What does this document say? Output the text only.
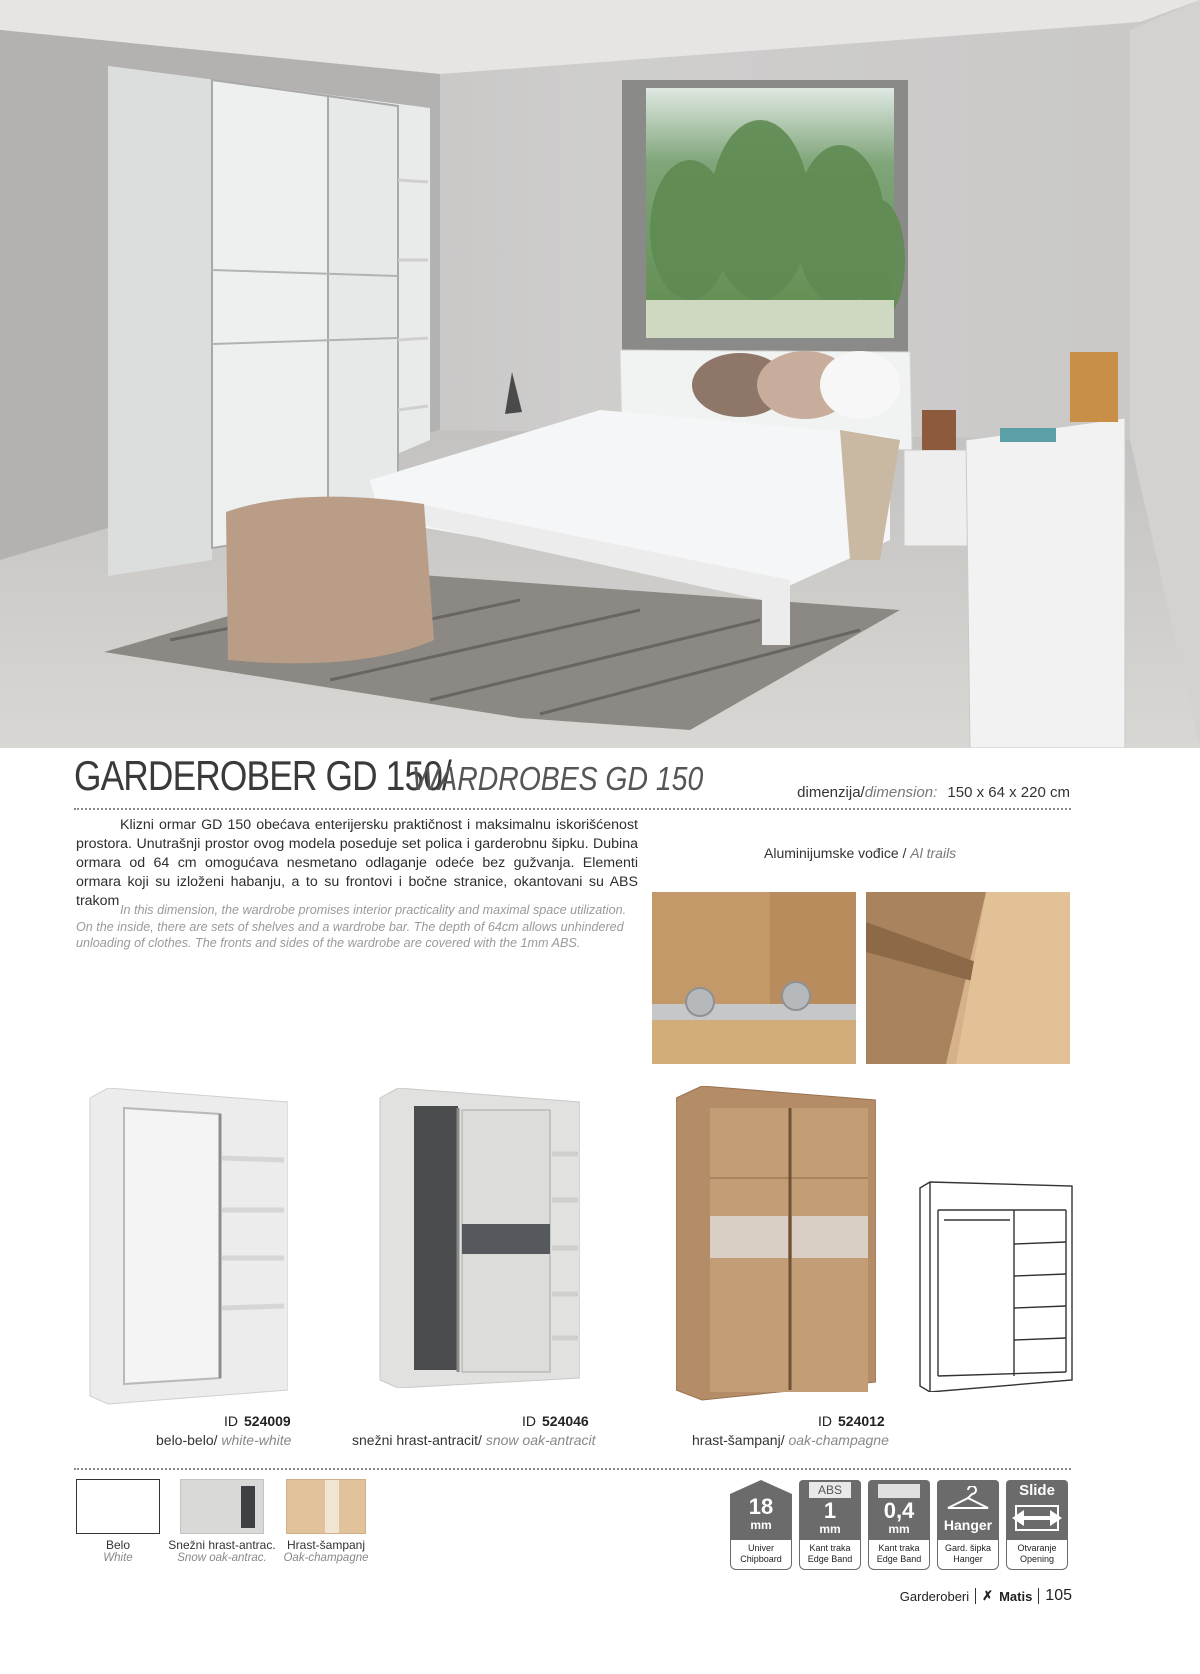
GARDEROBER GD 150/
WARDROBES GD 150	dimenzija/dimension: 150 x 64 x 220 cm

Klizni ormar GD 150 obećava enterijersku praktičnost i maksimalnu iskorišćenost prostora. Unutrašnji prostor ovog modela poseduje set polica i garderobnu šipku. Dubina ormara od 64 cm omogućava nesmetano odlaganje odeće bez gužvanja. Elementi ormara koji su izloženi habanju, a to su frontovi i bočne stranice, okantovani su ABS trakom

In this dimension, the wardrobe promises interior practicality and maximal space utilization. On the inside, there are sets of shelves and a wardrobe bar. The depth of 64cm allows unhindered unloading of clothes. The fronts and sides of the wardrobe are covered with the 1mm ABS.

Aluminijumske vođice / Al trails
ID 524009
belo-belo/ white-white
ID 524046
snežni hrast-antracit/ snow oak-antracit
ID 524012
hrast-šampanj/ oak-champagne
Belo
White
Snežni hrast-antrac.
Snow oak-antrac.
Hrast-šampanj
Oak-champagne
18
mm
Univer
Chipboard
ABS
1
mm
Kant traka
Edge Band
0,4
mm
Kant traka
Edge Band
Hanger
Gard. šipka
Hanger
Slide
Otvaranje
Opening
Garderoberi ✗ Matis 105
